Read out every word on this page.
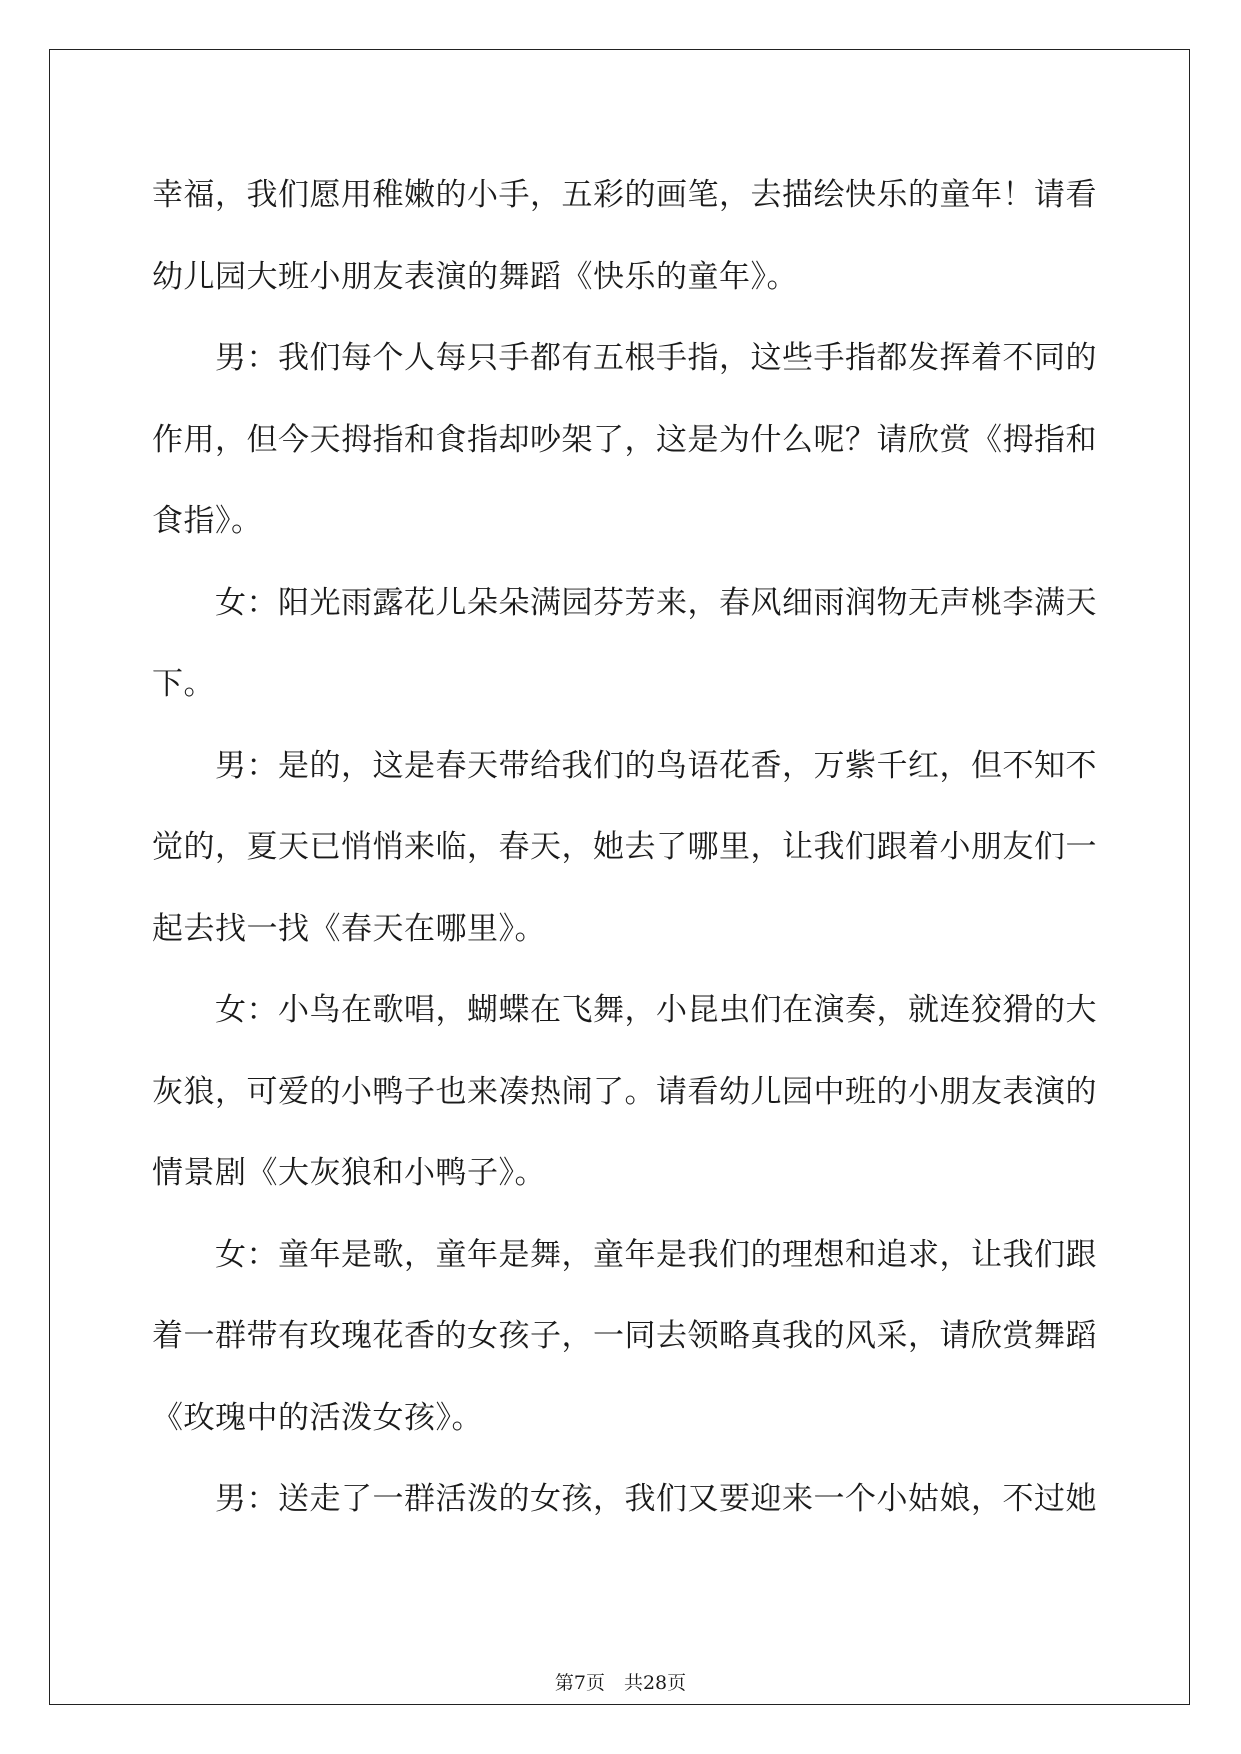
幸福，我们愿用稚嫩的小手，五彩的画笔，去描绘快乐的童年！请看
幼儿园大班小朋友表演的舞蹈《快乐的童年》。
　　男：我们每个人每只手都有五根手指，这些手指都发挥着不同的
作用，但今天拇指和食指却吵架了，这是为什么呢？请欣赏《拇指和
食指》。
　　女：阳光雨露花儿朵朵满园芬芳来，春风细雨润物无声桃李满天
下。
　　男：是的，这是春天带给我们的鸟语花香，万紫千红，但不知不
觉的，夏天已悄悄来临，春天，她去了哪里，让我们跟着小朋友们一
起去找一找《春天在哪里》。
　　女：小鸟在歌唱，蝴蝶在飞舞，小昆虫们在演奏，就连狡猾的大
灰狼，可爱的小鸭子也来凑热闹了。请看幼儿园中班的小朋友表演的
情景剧《大灰狼和小鸭子》。
　　女：童年是歌，童年是舞，童年是我们的理想和追求，让我们跟
着一群带有玫瑰花香的女孩子，一同去领略真我的风采，请欣赏舞蹈
《玫瑰中的活泼女孩》。
　　男：送走了一群活泼的女孩，我们又要迎来一个小姑娘，不过她
第7页　共28页
